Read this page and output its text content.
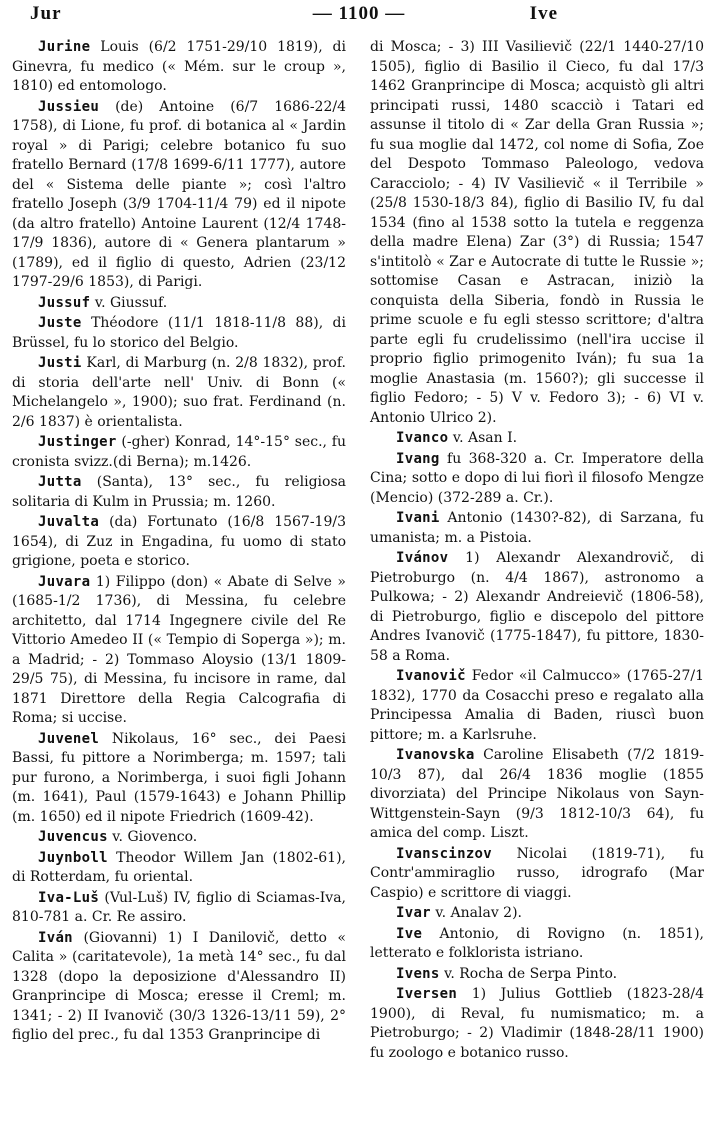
Jur	— 1100 —	Ive

Jurine Louis (6/2 1751-29/10 1819), di Ginevra, fu medico (« Mém. sur le croup », 1810) ed entomologo.

Jussieu (de) Antoine (6/7 1686-22/4 1758), di Lione, fu prof. di botanica al « Jardin royal » di Parigi; celebre botanico fu suo fratello Bernard (17/8 1699-6/11 1777), autore del « Sistema delle piante »; così l'altro fratello Joseph (3/9 1704-11/4 79) ed il nipote (da altro fratello) Antoine Laurent (12/4 1748-17/9 1836), autore di « Genera plantarum » (1789), ed il figlio di questo, Adrien (23/12 1797-29/6 1853), di Parigi.

Jussuf v. Giussuf.

Juste Théodore (11/1 1818-11/8 88), di Brüssel, fu lo storico del Belgio.

Justi Karl, di Marburg (n. 2/8 1832), prof. di storia dell'arte nell' Univ. di Bonn (« Michelangelo », 1900); suo frat. Ferdinand (n. 2/6 1837) è orientalista.

Justinger (-gher) Konrad, 14°-15° sec., fu cronista svizz.(di Berna); m.1426.

Jutta (Santa), 13° sec., fu religiosa solitaria di Kulm in Prussia; m. 1260.

Juvalta (da) Fortunato (16/8 1567-19/3 1654), di Zuz in Engadina, fu uomo di stato grigione, poeta e storico.

Juvara 1) Filippo (don) « Abate di Selve » (1685-1/2 1736), di Messina, fu celebre architetto, dal 1714 Ingegnere civile del Re Vittorio Amedeo II (« Tempio di Soperga »); m. a Madrid; - 2) Tommaso Aloysio (13/1 1809-29/5 75), di Messina, fu incisore in rame, dal 1871 Direttore della Regia Calcografia di Roma; si uccise.

Juvenel Nikolaus, 16° sec., dei Paesi Bassi, fu pittore a Norimberga; m. 1597; tali pur furono, a Norimberga, i suoi figli Johann (m. 1641), Paul (1579-1643) e Johann Phillip (m. 1650) ed il nipote Friedrich (1609-42).

Juvencus v. Giovenco.

Juynboll Theodor Willem Jan (1802-61), di Rotterdam, fu oriental.

Iva-Luš (Vul-Luš) IV, figlio di Sciamas-Iva, 810-781 a. Cr. Re assiro.

Iván (Giovanni) 1) I Danilovič, detto « Calita » (caritatevole), 1a metà 14° sec., fu dal 1328 (dopo la deposizione d'Alessandro II) Granprincipe di Mosca; eresse il Creml; m. 1341; - 2) II Ivanovič (30/3 1326-13/11 59), 2° figlio del prec., fu dal 1353 Granprincipe di

di Mosca; - 3) III Vasilievič (22/1 1440-27/10 1505), figlio di Basilio il Cieco, fu dal 17/3 1462 Granprincipe di Mosca; acquistò gli altri principati russi, 1480 scacciò i Tatari ed assunse il titolo di « Zar della Gran Russia »; fu sua moglie dal 1472, col nome di Sofia, Zoe del Despoto Tommaso Paleologo, vedova Caracciolo; - 4) IV Vasilievič « il Terribile » (25/8 1530-18/3 84), figlio di Basilio IV, fu dal 1534 (fino al 1538 sotto la tutela e reggenza della madre Elena) Zar (3°) di Russia; 1547 s'intitolò « Zar e Autocrate di tutte le Russie »; sottomise Casan e Astracan, iniziò la conquista della Siberia, fondò in Russia le prime scuole e fu egli stesso scrittore; d'altra parte egli fu crudelissimo (nell'ira uccise il proprio figlio primogenito Iván); fu sua 1a moglie Anastasia (m. 1560?); gli successe il figlio Fedoro; - 5) V v. Fedoro 3); - 6) VI v. Antonio Ulrico 2).

Ivanco v. Asan I.

Ivang fu 368-320 a. Cr. Imperatore della Cina; sotto e dopo di lui fiorì il filosofo Mengze (Mencio) (372-289 a. Cr.).

Ivani Antonio (1430?-82), di Sarzana, fu umanista; m. a Pistoia.

Ivánov 1) Alexandr Alexandrovič, di Pietroburgo (n. 4/4 1867), astronomo a Pulkowa; - 2) Alexandr Andreievič (1806-58), di Pietroburgo, figlio e discepolo del pittore Andres Ivanovič (1775-1847), fu pittore, 1830-58 a Roma.

Ivanovič Fedor «il Calmucco» (1765-27/1 1832), 1770 da Cosacchi preso e regalato alla Principessa Amalia di Baden, riuscì buon pittore; m. a Karlsruhe.

Ivanovska Caroline Elisabeth (7/2 1819-10/3 87), dal 26/4 1836 moglie (1855 divorziata) del Principe Nikolaus von Sayn-Wittgenstein-Sayn (9/3 1812-10/3 64), fu amica del comp. Liszt.

Ivanscinzov Nicolai (1819-71), fu Contr'ammiraglio russo, idrografo (Mar Caspio) e scrittore di viaggi.

Ivar v. Analav 2).

Ive Antonio, di Rovigno (n. 1851), letterato e folklorista istriano.

Ivens v. Rocha de Serpa Pinto.

Iversen 1) Julius Gottlieb (1823-28/4 1900), di Reval, fu numismatico; m. a Pietroburgo; - 2) Vladimir (1848-28/11 1900) fu zoologo e botanico russo.
